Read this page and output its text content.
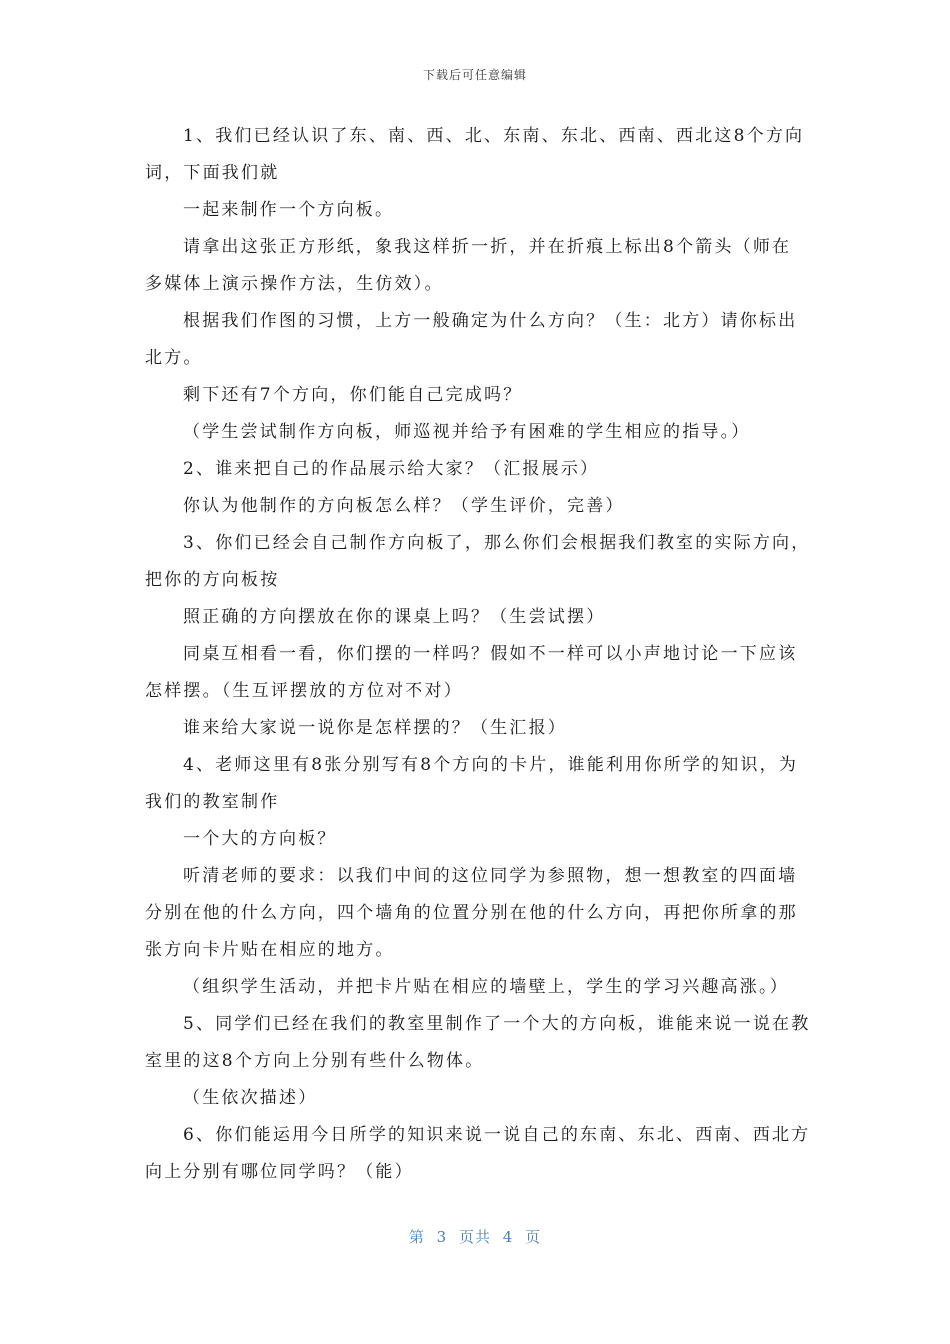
下载后可任意编辑
1、我们已经认识了东、南、西、北、东南、东北、西南、西北这8个方向
词，下面我们就
一起来制作一个方向板。
请拿出这张正方形纸，象我这样折一折，并在折痕上标出8个箭头（师在
多媒体上演示操作方法，生仿效）。
根据我们作图的习惯，上方一般确定为什么方向？（生：北方）请你标出
北方。
剩下还有7个方向，你们能自己完成吗？
（学生尝试制作方向板，师巡视并给予有困难的学生相应的指导。）
2、谁来把自己的作品展示给大家？（汇报展示）
你认为他制作的方向板怎么样？（学生评价，完善）
3、你们已经会自己制作方向板了，那么你们会根据我们教室的实际方向，
把你的方向板按
照正确的方向摆放在你的课桌上吗？（生尝试摆）
同桌互相看一看，你们摆的一样吗？假如不一样可以小声地讨论一下应该
怎样摆。（生互评摆放的方位对不对）
谁来给大家说一说你是怎样摆的？（生汇报）
4、老师这里有8张分别写有8个方向的卡片，谁能利用你所学的知识，为
我们的教室制作
一个大的方向板？
听清老师的要求：以我们中间的这位同学为参照物，想一想教室的四面墙
分别在他的什么方向，四个墙角的位置分别在他的什么方向，再把你所拿的那
张方向卡片贴在相应的地方。
（组织学生活动，并把卡片贴在相应的墙壁上，学生的学习兴趣高涨。）
5、同学们已经在我们的教室里制作了一个大的方向板，谁能来说一说在教
室里的这8个方向上分别有些什么物体。
（生依次描述）
6、你们能运用今日所学的知识来说一说自己的东南、东北、西南、西北方
向上分别有哪位同学吗？（能）
第 3 页共 4 页
